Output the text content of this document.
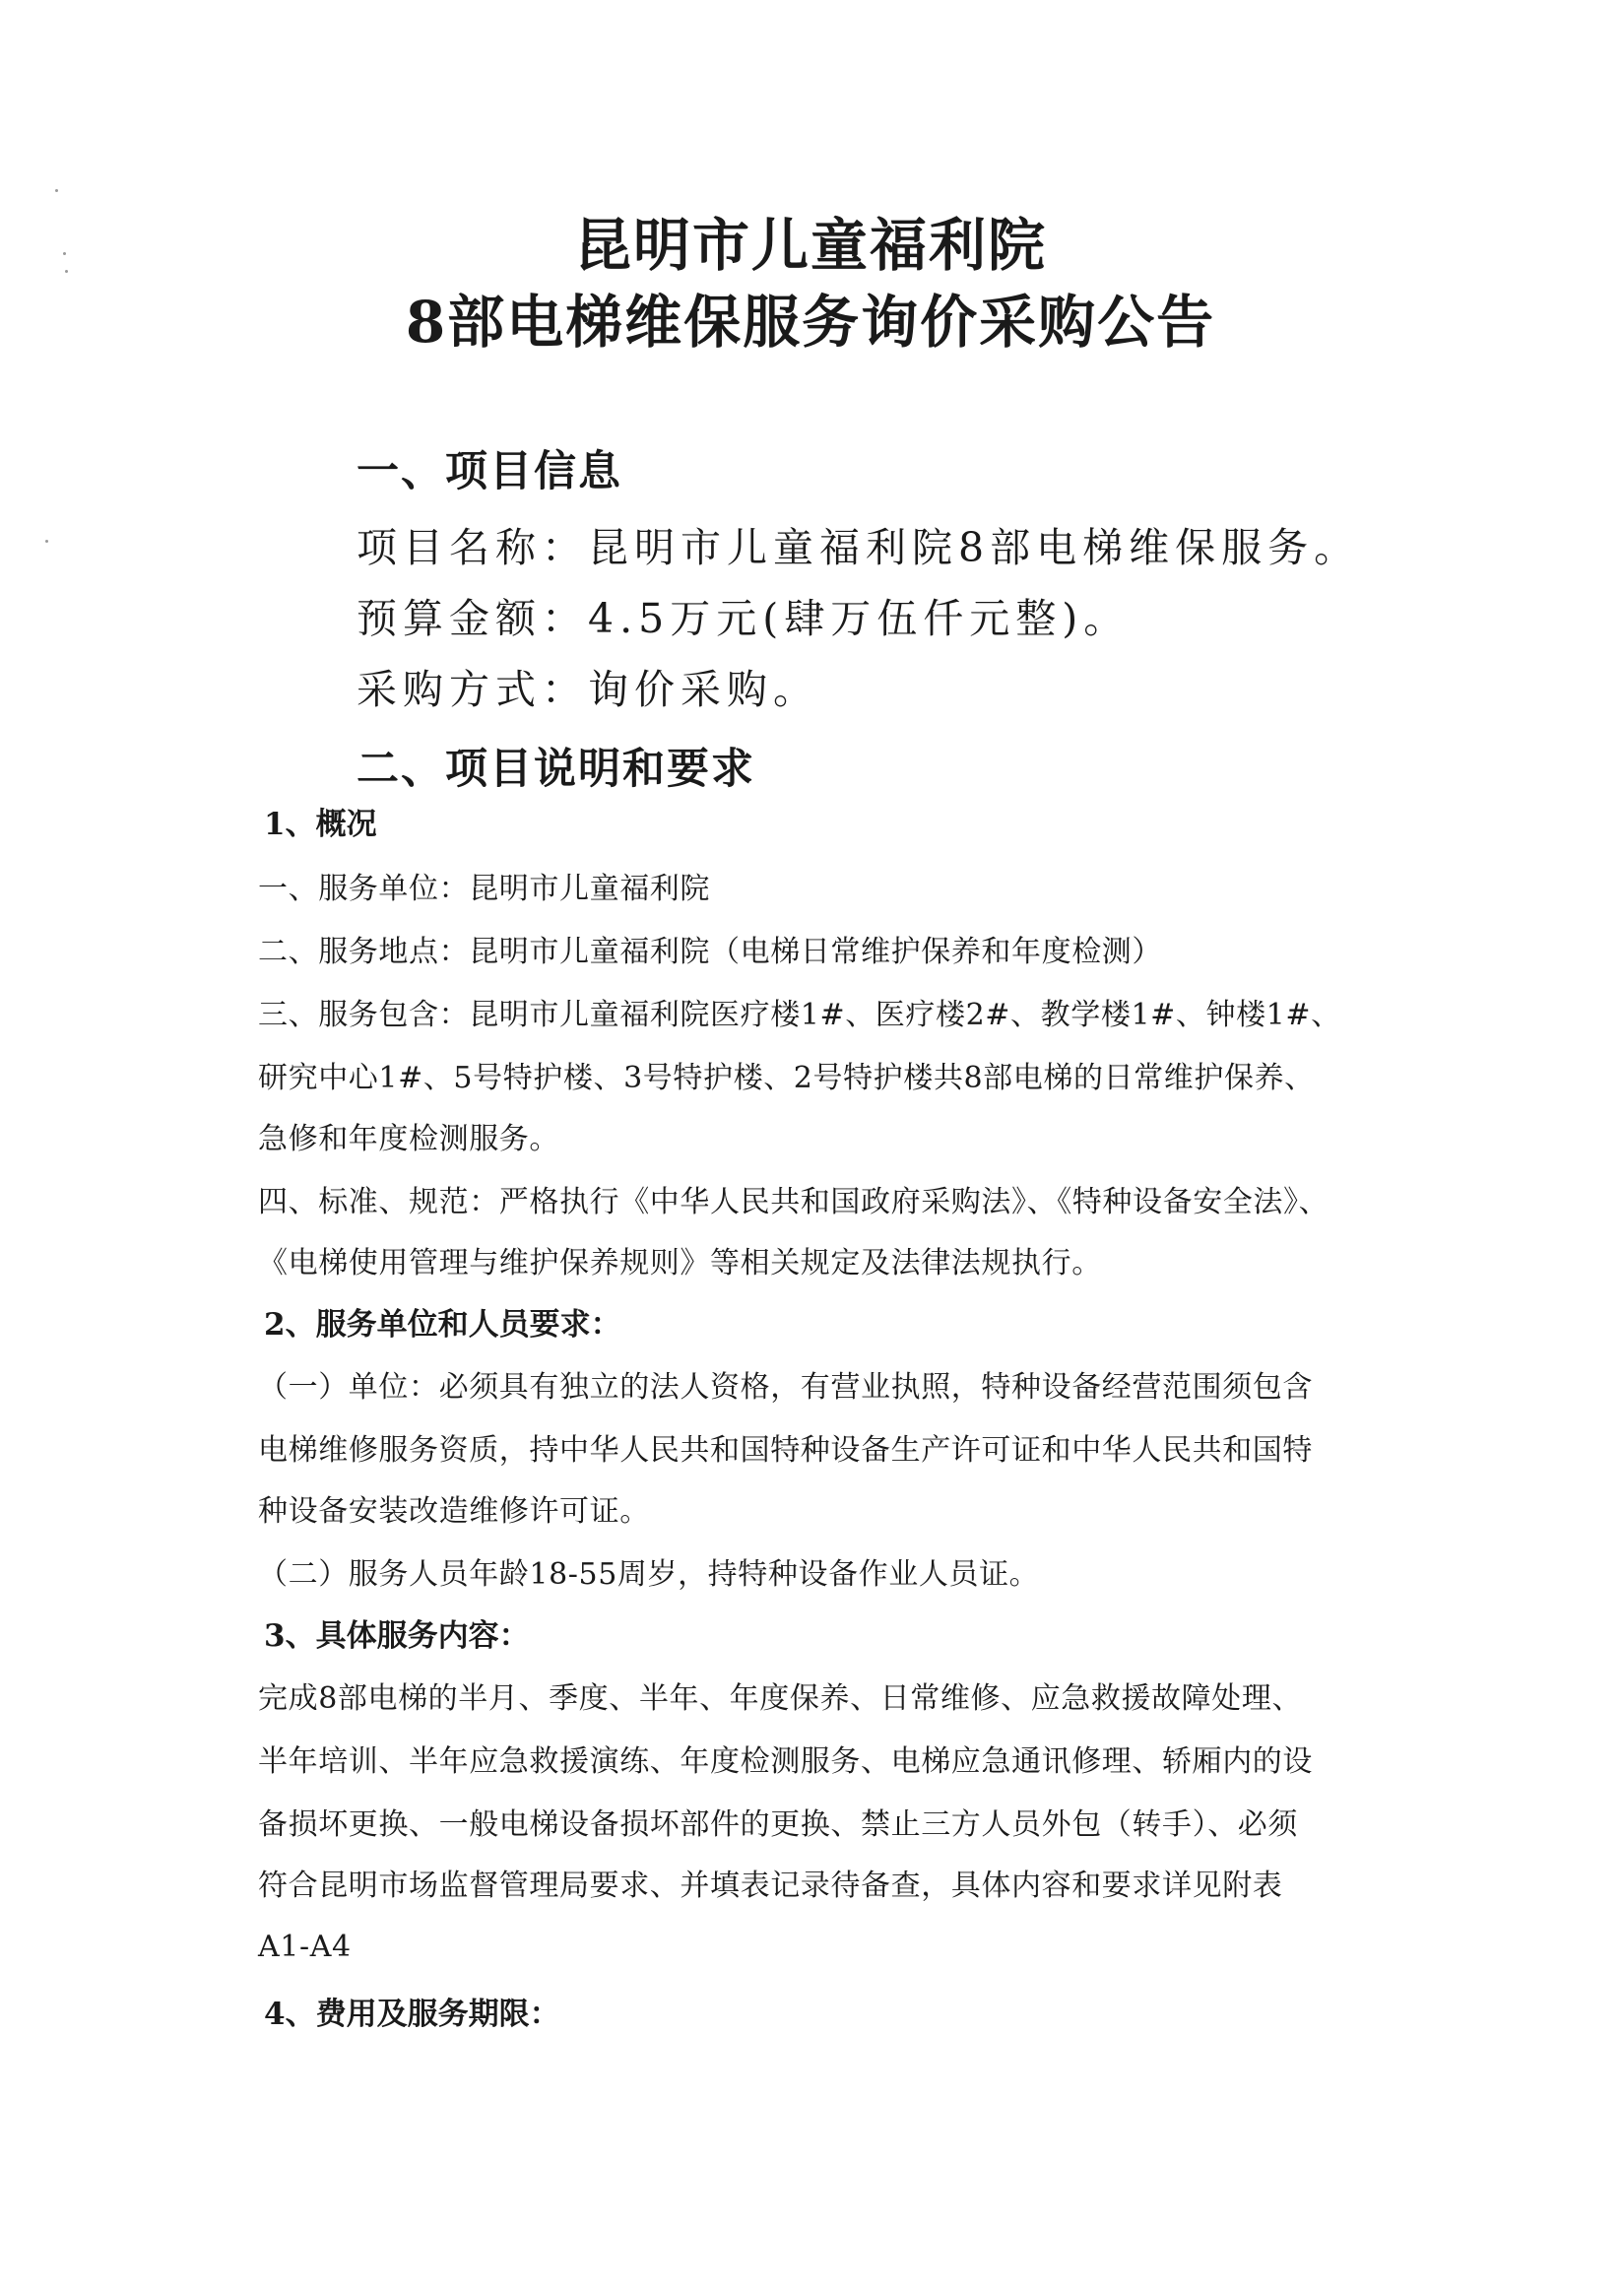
昆明市儿童福利院
8部电梯维保服务询价采购公告
一、项目信息
项目名称：昆明市儿童福利院8部电梯维保服务。
预算金额：4.5万元(肆万伍仟元整)。
采购方式：询价采购。
二、项目说明和要求
1、概况
一、服务单位：昆明市儿童福利院
二、服务地点：昆明市儿童福利院（电梯日常维护保养和年度检测）
三、服务包含：昆明市儿童福利院医疗楼1#、医疗楼2#、教学楼1#、钟楼1#、
研究中心1#、5号特护楼、3号特护楼、2号特护楼共8部电梯的日常维护保养、
急修和年度检测服务。
四、标准、规范：严格执行《中华人民共和国政府采购法》、《特种设备安全法》、
《电梯使用管理与维护保养规则》等相关规定及法律法规执行。
2、服务单位和人员要求：
（一）单位：必须具有独立的法人资格，有营业执照，特种设备经营范围须包含
电梯维修服务资质，持中华人民共和国特种设备生产许可证和中华人民共和国特
种设备安装改造维修许可证。
（二）服务人员年龄18-55周岁，持特种设备作业人员证。
3、具体服务内容：
完成8部电梯的半月、季度、半年、年度保养、日常维修、应急救援故障处理、
半年培训、半年应急救援演练、年度检测服务、电梯应急通讯修理、轿厢内的设
备损坏更换、一般电梯设备损坏部件的更换、禁止三方人员外包（转手）、必须
符合昆明市场监督管理局要求、并填表记录待备查，具体内容和要求详见附表
A1-A4
4、费用及服务期限：
